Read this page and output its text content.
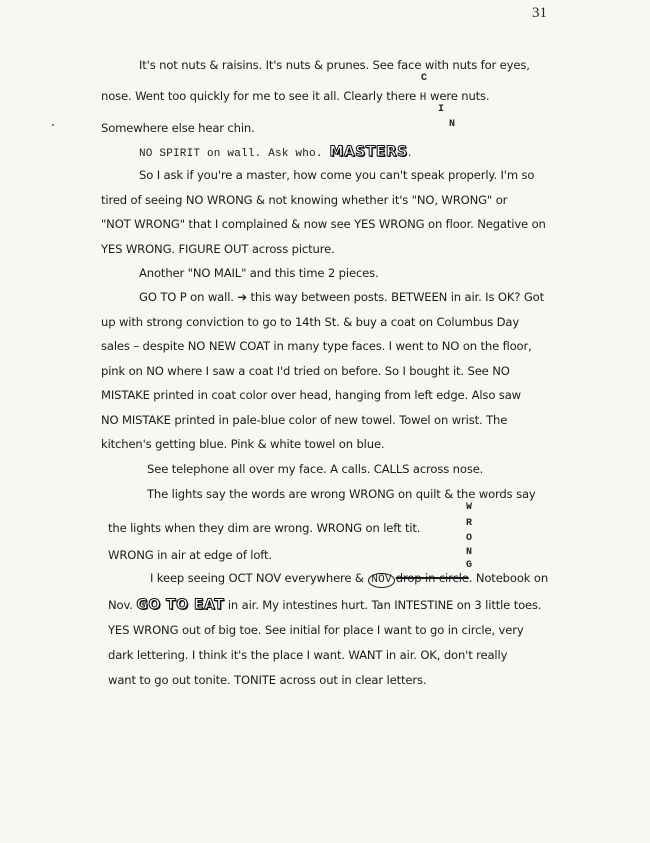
31
It's not nuts & raisins. It's nuts & prunes. See face with nuts for eyes,
C
nose. Went too quickly for me to see it all. Clearly there H were nuts.
I
N
Somewhere else hear chin.
NO SPIRIT on wall. Ask who. MASTERS.
So I ask if you're a master, how come you can't speak properly. I'm so
tired of seeing NO WRONG & not knowing whether it's "NO, WRONG" or
"NOT WRONG" that I complained & now see YES WRONG on floor. Negative on
YES WRONG. FIGURE OUT across picture.
Another "NO MAIL" and this time 2 pieces.
GO TO P on wall. ➔ this way between posts. BETWEEN in air. Is OK? Got
up with strong conviction to go to 14th St. & buy a coat on Columbus Day
sales – despite NO NEW COAT in many type faces. I went to NO on the floor,
pink on NO where I saw a coat I'd tried on before. So I bought it. See NO
MISTAKE printed in coat color over head, hanging from left edge. Also saw
NO MISTAKE printed in pale-blue color of new towel. Towel on wrist. The
kitchen's getting blue. Pink & white towel on blue.
See telephone all over my face. A calls. CALLS across nose.
The lights say the words are wrong WRONG on quilt & the words say
W
R
the lights when they dim are wrong. WRONG on left tit.
O
N
WRONG in air at edge of loft.
G
I keep seeing OCT NOV everywhere & NOV drop in circle. Notebook on
Nov. GO TO EAT in air. My intestines hurt. Tan INTESTINE on 3 little toes.
YES WRONG out of big toe. See initial for place I want to go in circle, very
dark lettering. I think it's the place I want. WANT in air. OK, don't really
want to go out tonite. TONITE across out in clear letters.
